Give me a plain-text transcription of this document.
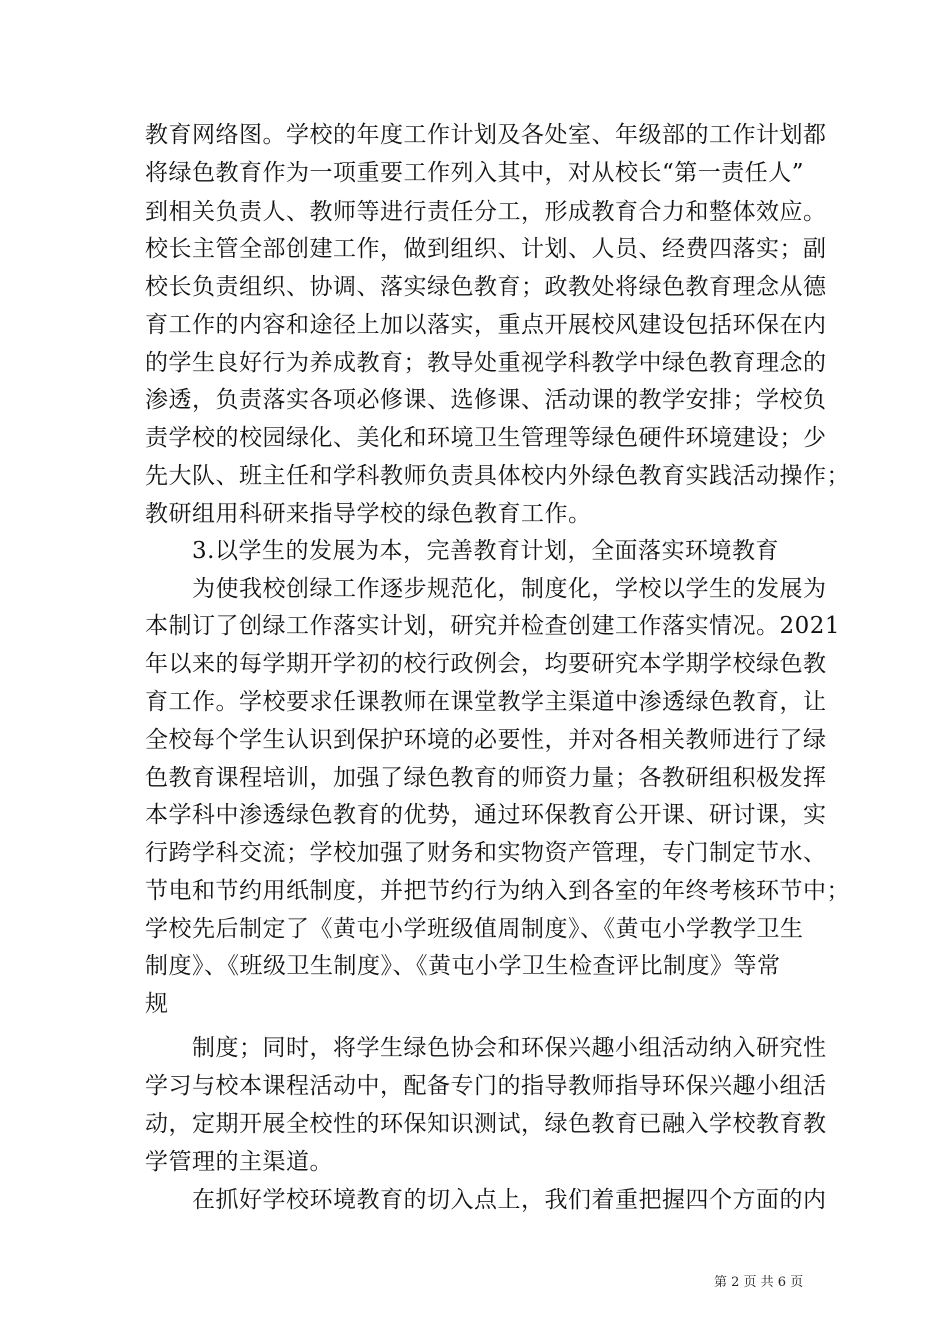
教育网络图。学校的年度工作计划及各处室、年级部的工作计划都
将绿色教育作为一项重要工作列入其中，对从校长“第一责任人”
到相关负责人、教师等进行责任分工，形成教育合力和整体效应。
校长主管全部创建工作，做到组织、计划、人员、经费四落实；副
校长负责组织、协调、落实绿色教育；政教处将绿色教育理念从德
育工作的内容和途径上加以落实，重点开展校风建设包括环保在内
的学生良好行为养成教育；教导处重视学科教学中绿色教育理念的
渗透，负责落实各项必修课、选修课、活动课的教学安排；学校负
责学校的校园绿化、美化和环境卫生管理等绿色硬件环境建设；少
先大队、班主任和学科教师负责具体校内外绿色教育实践活动操作；
教研组用科研来指导学校的绿色教育工作。
3.以学生的发展为本，完善教育计划，全面落实环境教育
为使我校创绿工作逐步规范化，制度化，学校以学生的发展为
本制订了创绿工作落实计划，研究并检查创建工作落实情况。2021
年以来的每学期开学初的校行政例会，均要研究本学期学校绿色教
育工作。学校要求任课教师在课堂教学主渠道中渗透绿色教育，让
全校每个学生认识到保护环境的必要性，并对各相关教师进行了绿
色教育课程培训，加强了绿色教育的师资力量；各教研组积极发挥
本学科中渗透绿色教育的优势，通过环保教育公开课、研讨课，实
行跨学科交流；学校加强了财务和实物资产管理，专门制定节水、
节电和节约用纸制度，并把节约行为纳入到各室的年终考核环节中；
学校先后制定了《黄屯小学班级值周制度》、《黄屯小学教学卫生
制度》、《班级卫生制度》、《黄屯小学卫生检查评比制度》等常
规
制度；同时，将学生绿色协会和环保兴趣小组活动纳入研究性
学习与校本课程活动中，配备专门的指导教师指导环保兴趣小组活
动，定期开展全校性的环保知识测试，绿色教育已融入学校教育教
学管理的主渠道。
在抓好学校环境教育的切入点上，我们着重把握四个方面的内
第 2 页 共 6 页
